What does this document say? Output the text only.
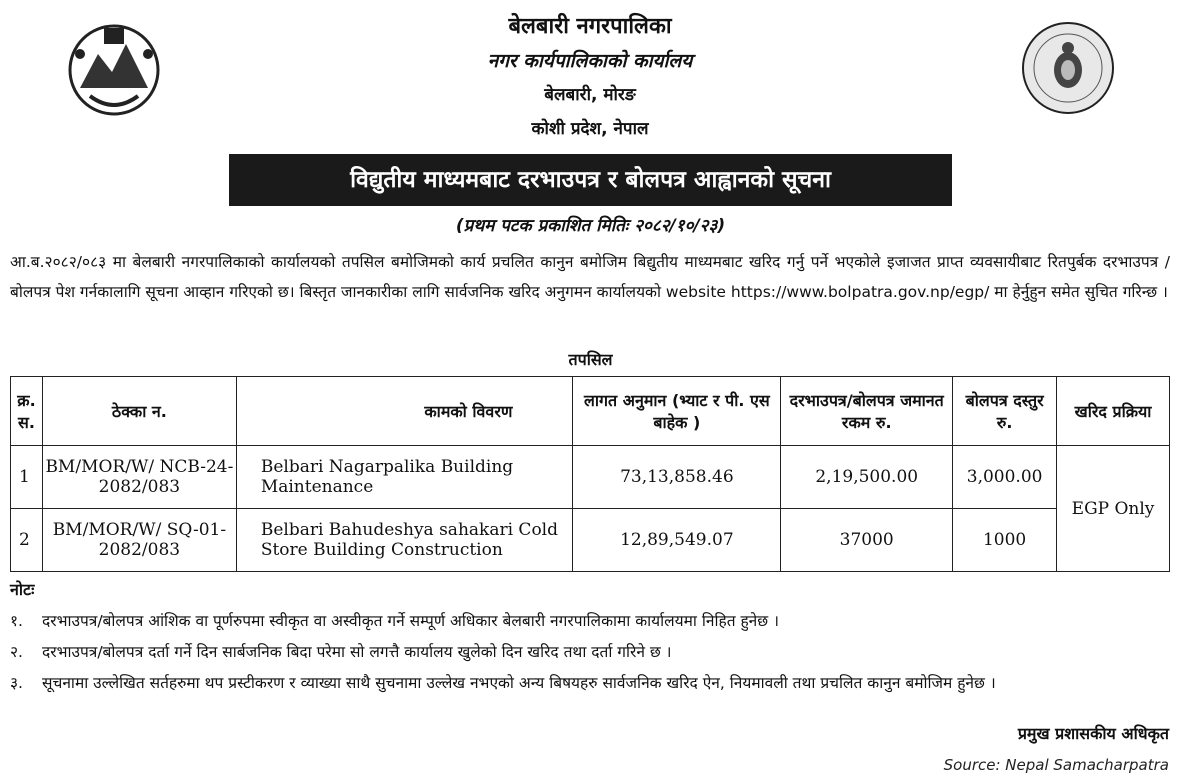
बेलबारी नगरपालिका
नगर कार्यपालिकाको कार्यालय
बेलबारी, मोरङ
कोशी प्रदेश, नेपाल
विद्युतीय माध्यमबाट दरभाउपत्र र बोलपत्र आह्वानको सूचना
(प्रथम पटक प्रकाशित मितिः २०८२/१०/२३)
आ.ब.२०८२/०८३ मा बेलबारी नगरपालिकाको कार्यालयको तपसिल बमोजिमको कार्य प्रचलित कानुन बमोजिम बिद्युतीय माध्यमबाट खरिद गर्नु पर्ने भएकोले इजाजत प्राप्त व्यवसायीबाट रितपुर्बक दरभाउपत्र /बोलपत्र पेश गर्नकालागि सूचना आव्हान गरिएको छ। बिस्तृत जानकारीका लागि सार्वजनिक खरिद अनुगमन कार्यालयको website https://www.bolpatra.gov.np/egp/ मा हेर्नुहुन समेत सुचित गरिन्छ ।
तपसिल
क्र. स.	ठेक्का न.	कामको विवरण	लागत अनुमान (भ्याट र पी. एस बाहेक )	दरभाउपत्र/बोलपत्र जमानत रकम रु.	बोलपत्र दस्तुर रु.	खरिद प्रक्रिया
1	BM/MOR/W/ NCB-24-2082/083	Belbari Nagarpalika Building Maintenance	73,13,858.46	2,19,500.00	3,000.00	EGP Only
2	BM/MOR/W/ SQ-01-2082/083	Belbari Bahudeshya sahakari Cold Store Building Construction	12,89,549.07	37000	1000	
नोटः
१.	दरभाउपत्र/बोलपत्र आंशिक वा पूर्णरुपमा स्वीकृत वा अस्वीकृत गर्ने सम्पूर्ण अधिकार बेलबारी नगरपालिकामा कार्यालयमा निहित हुनेछ ।
२.	दरभाउपत्र/बोलपत्र दर्ता गर्ने दिन सार्बजनिक बिदा परेमा सो लगत्तै कार्यालय खुलेको दिन खरिद तथा दर्ता गरिने छ ।
३.	सूचनामा उल्लेखित सर्तहरुमा थप प्रस्टीकरण र व्याख्या साथै सुचनामा उल्लेख नभएको अन्य बिषयहरु सार्वजनिक खरिद ऐन, नियमावली तथा प्रचलित कानुन बमोजिम हुनेछ ।
प्रमुख प्रशासकीय अधिकृत
Source: Nepal Samacharpatra
